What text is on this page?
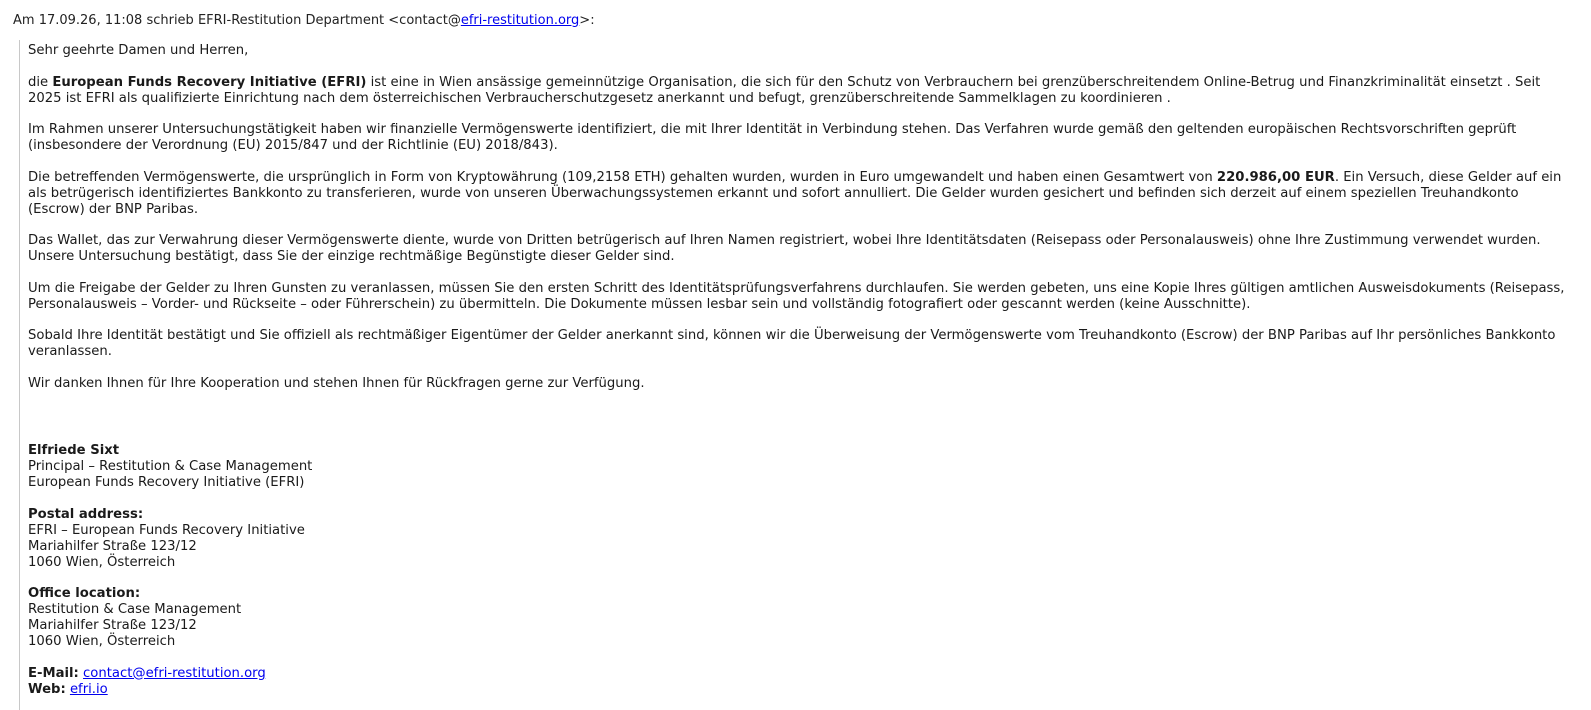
Am 17.09.26, 11:08 schrieb EFRI-Restitution Department <contact@efri-restitution.org>:

Sehr geehrte Damen und Herren,

die European Funds Recovery Initiative (EFRI) ist eine in Wien ansässige gemeinnützige Organisation, die sich für den Schutz von Verbrauchern bei grenzüberschreitendem Online-Betrug und Finanzkriminalität einsetzt . Seit 2025 ist EFRI als qualifizierte Einrichtung nach dem österreichischen Verbraucherschutzgesetz anerkannt und befugt, grenzüberschreitende Sammelklagen zu koordinieren .

Im Rahmen unserer Untersuchungstätigkeit haben wir finanzielle Vermögenswerte identifiziert, die mit Ihrer Identität in Verbindung stehen. Das Verfahren wurde gemäß den geltenden europäischen Rechtsvorschriften geprüft (insbesondere der Verordnung (EU) 2015/847 und der Richtlinie (EU) 2018/843).

Die betreffenden Vermögenswerte, die ursprünglich in Form von Kryptowährung (109,2158 ETH) gehalten wurden, wurden in Euro umgewandelt und haben einen Gesamtwert von 220.986,00 EUR. Ein Versuch, diese Gelder auf ein als betrügerisch identifiziertes Bankkonto zu transferieren, wurde von unseren Überwachungssystemen erkannt und sofort annulliert. Die Gelder wurden gesichert und befinden sich derzeit auf einem speziellen Treuhandkonto (Escrow) der BNP Paribas.

Das Wallet, das zur Verwahrung dieser Vermögenswerte diente, wurde von Dritten betrügerisch auf Ihren Namen registriert, wobei Ihre Identitätsdaten (Reisepass oder Personalausweis) ohne Ihre Zustimmung verwendet wurden. Unsere Untersuchung bestätigt, dass Sie der einzige rechtmäßige Begünstigte dieser Gelder sind.

Um die Freigabe der Gelder zu Ihren Gunsten zu veranlassen, müssen Sie den ersten Schritt des Identitätsprüfungsverfahrens durchlaufen. Sie werden gebeten, uns eine Kopie Ihres gültigen amtlichen Ausweisdokuments (Reisepass, Personalausweis – Vorder- und Rückseite – oder Führerschein) zu übermitteln. Die Dokumente müssen lesbar sein und vollständig fotografiert oder gescannt werden (keine Ausschnitte).

Sobald Ihre Identität bestätigt und Sie offiziell als rechtmäßiger Eigentümer der Gelder anerkannt sind, können wir die Überweisung der Vermögenswerte vom Treuhandkonto (Escrow) der BNP Paribas auf Ihr persönliches Bankkonto veranlassen.

Wir danken Ihnen für Ihre Kooperation und stehen Ihnen für Rückfragen gerne zur Verfügung.

Elfriede Sixt
Principal – Restitution & Case Management
European Funds Recovery Initiative (EFRI)

Postal address:
EFRI – European Funds Recovery Initiative
Mariahilfer Straße 123/12
1060 Wien, Österreich

Office location:
Restitution & Case Management
Mariahilfer Straße 123/12
1060 Wien, Österreich

E-Mail: contact@efri-restitution.org
Web: efri.io
